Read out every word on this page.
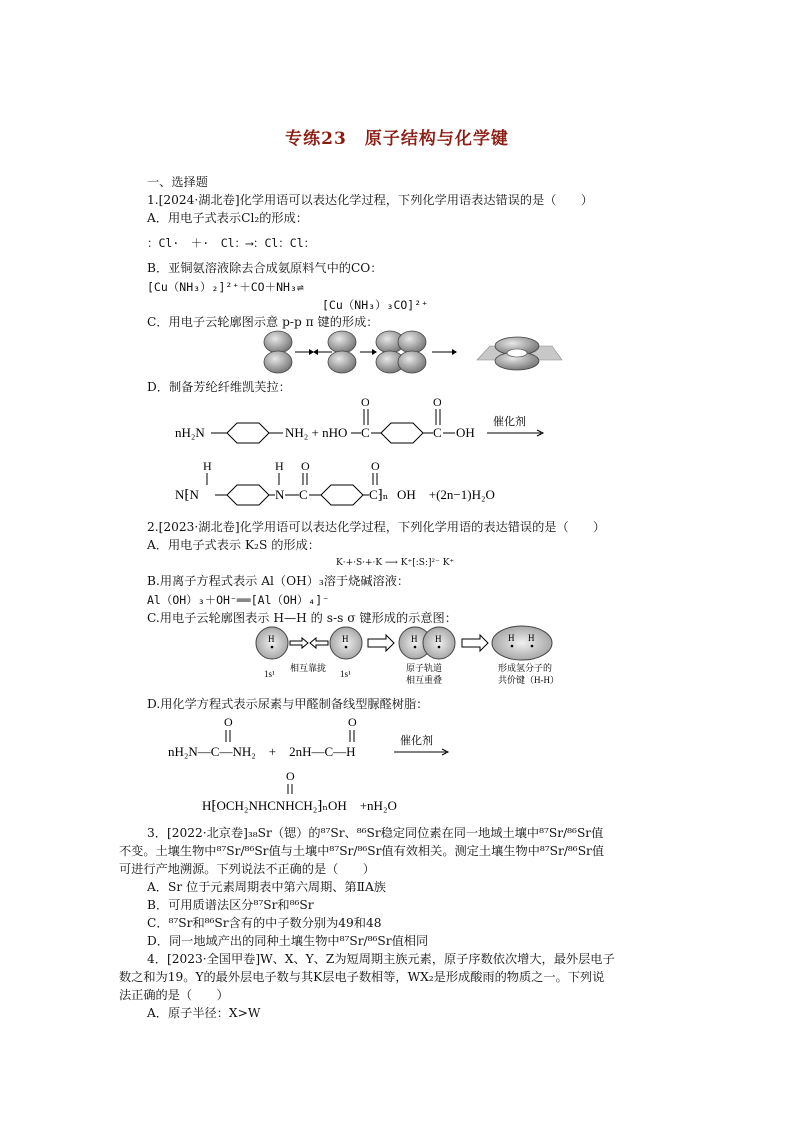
专练23　原子结构与化学键
一、选择题
1.[2024·湖北卷]化学用语可以表达化学过程，下列化学用语表达错误的是（　　）
A．用电子式表示Cl₂的形成：
：Cl·　＋·　Cl：⟶：Cl：Cl：
B．亚铜氨溶液除去合成氨原料气中的CO：
[Cu（NH₃）₂]²⁺＋CO＋NH₃⇌
[Cu（NH₃）₃CO]²⁺
C．用电子云轮廓图示意 p-p π 键的形成：
D．制备芳纶纤维凯芙拉：
nH₂N	NH₂ + nHO C
O
C
O
OH
催化剂
H	H O	O
N⁅N	N C	C⁆ₙ OH　+(2n−1)H₂O
2.[2023·湖北卷]化学用语可以表达化学过程，下列化学用语的表达错误的是（　　）
A．用电子式表示 K₂S 的形成：
K·+·S·+·K ⟶ K⁺[:S:]²⁻ K⁺
B.用离子方程式表示 Al（OH）₃溶于烧碱溶液：
Al（OH）₃＋OH⁻══[Al（OH）₄]⁻
C.用电子云轮廓图表示 H—H 的 s-s σ 键形成的示意图：
H	H	H H	H H
1s¹
相互靠拢
1s¹
原子轨道
相互重叠
形成氢分子的
共价键（H-H）
D.用化学方程式表示尿素与甲醛制备线型脲醛树脂：
O	O
nH₂N—C—NH₂　+　2nH—C—H
催化剂
O
H⁅OCH₂NHCNHCH₂⁆ₙOH　+nH₂O
3．[2022·北京卷]₃₈Sr（锶）的⁸⁷Sr、⁸⁶Sr稳定同位素在同一地域土壤中⁸⁷Sr/⁸⁶Sr值
不变。土壤生物中⁸⁷Sr/⁸⁶Sr值与土壤中⁸⁷Sr/⁸⁶Sr值有效相关。测定土壤生物中⁸⁷Sr/⁸⁶Sr值
可进行产地溯源。下列说法不正确的是（　　）
A．Sr 位于元素周期表中第六周期、第ⅡA族
B．可用质谱法区分⁸⁷Sr和⁸⁶Sr
C．⁸⁷Sr和⁸⁶Sr含有的中子数分别为49和48
D．同一地域产出的同种土壤生物中⁸⁷Sr/⁸⁶Sr值相同
4．[2023·全国甲卷]W、X、Y、Z为短周期主族元素，原子序数依次增大，最外层电子
数之和为19。Y的最外层电子数与其K层电子数相等，WX₂是形成酸雨的物质之一。下列说
法正确的是（　　）
A．原子半径：X>W
